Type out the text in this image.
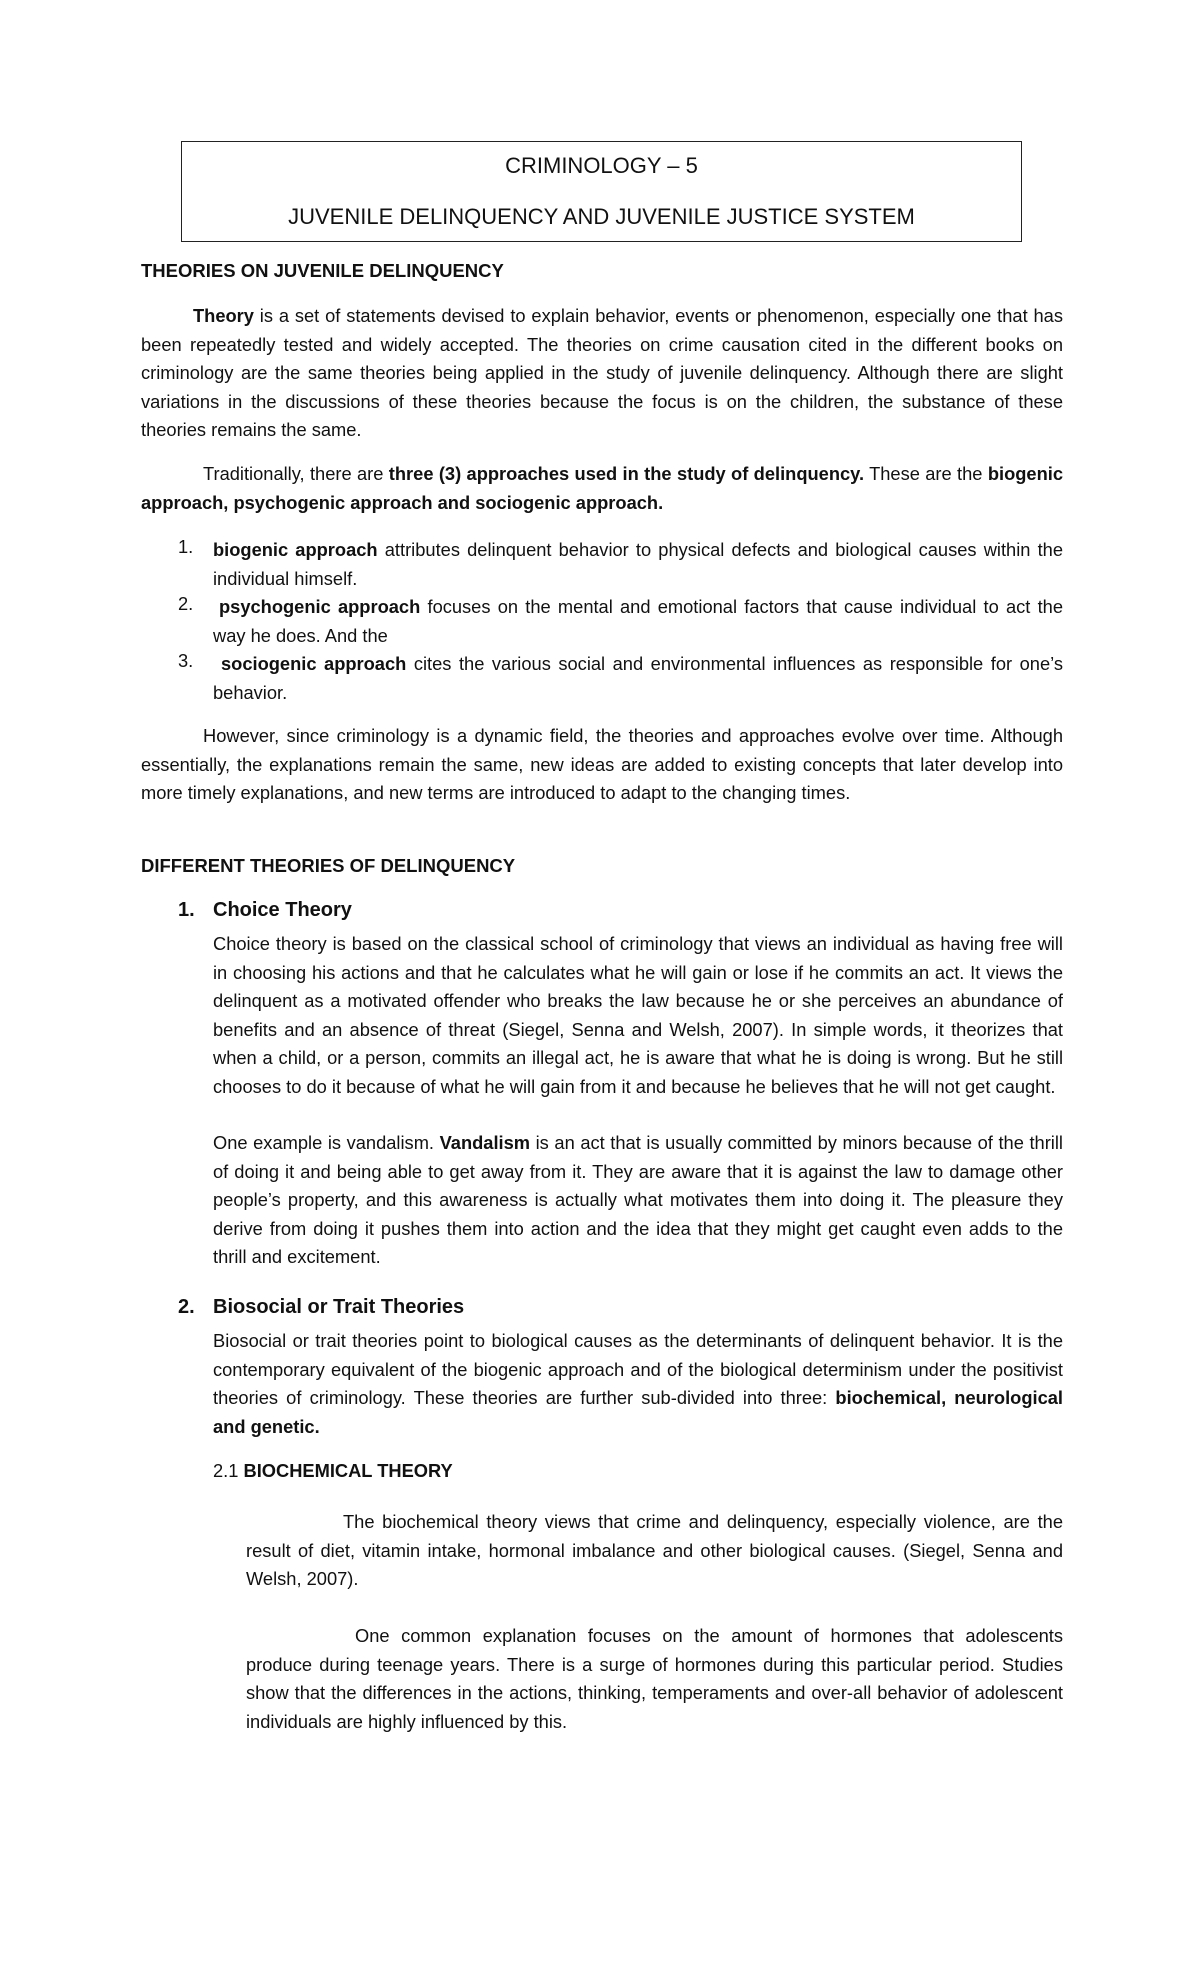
CRIMINOLOGY – 5
JUVENILE DELINQUENCY AND JUVENILE JUSTICE SYSTEM
THEORIES ON JUVENILE DELINQUENCY
Theory is a set of statements devised to explain behavior, events or phenomenon, especially one that has been repeatedly tested and widely accepted. The theories on crime causation cited in the different books on criminology are the same theories being applied in the study of juvenile delinquency. Although there are slight variations in the discussions of these theories because the focus is on the children, the substance of these theories remains the same.
Traditionally, there are three (3) approaches used in the study of delinquency. These are the biogenic approach, psychogenic approach and sociogenic approach.
1. biogenic approach attributes delinquent behavior to physical defects and biological causes within the individual himself.
2.	psychogenic approach focuses on the mental and emotional factors that cause individual to act the way he does. And the
3.	sociogenic approach cites the various social and environmental influences as responsible for one’s behavior.
However, since criminology is a dynamic field, the theories and approaches evolve over time. Although essentially, the explanations remain the same, new ideas are added to existing concepts that later develop into more timely explanations, and new terms are introduced to adapt to the changing times.
DIFFERENT THEORIES OF DELINQUENCY
1. Choice Theory
Choice theory is based on the classical school of criminology that views an individual as having free will in choosing his actions and that he calculates what he will gain or lose if he commits an act. It views the delinquent as a motivated offender who breaks the law because he or she perceives an abundance of benefits and an absence of threat (Siegel, Senna and Welsh, 2007). In simple words, it theorizes that when a child, or a person, commits an illegal act, he is aware that what he is doing is wrong. But he still chooses to do it because of what he will gain from it and because he believes that he will not get caught.
One example is vandalism. Vandalism is an act that is usually committed by minors because of the thrill of doing it and being able to get away from it. They are aware that it is against the law to damage other people’s property, and this awareness is actually what motivates them into doing it. The pleasure they derive from doing it pushes them into action and the idea that they might get caught even adds to the thrill and excitement.
2. Biosocial or Trait Theories
Biosocial or trait theories point to biological causes as the determinants of delinquent behavior. It is the contemporary equivalent of the biogenic approach and of the biological determinism under the positivist theories of criminology. These theories are further sub-divided into three: biochemical, neurological and genetic.
2.1 BIOCHEMICAL THEORY
The biochemical theory views that crime and delinquency, especially violence, are the result of diet, vitamin intake, hormonal imbalance and other biological causes. (Siegel, Senna and Welsh, 2007).
One common explanation focuses on the amount of hormones that adolescents produce during teenage years. There is a surge of hormones during this particular period. Studies show that the differences in the actions, thinking, temperaments and over-all behavior of adolescent individuals are highly influenced by this.
